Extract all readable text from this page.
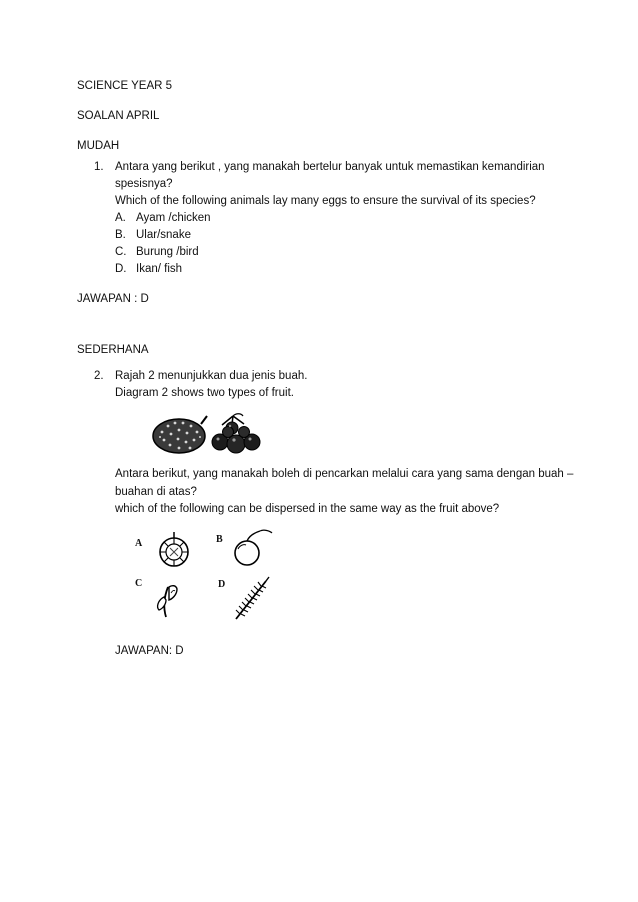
SCIENCE YEAR 5
SOALAN APRIL
MUDAH
1. Antara yang berikut , yang manakah bertelur banyak untuk memastikan kemandirian
spesisnya?
Which of the following animals lay many eggs to ensure the survival of its species?
A. Ayam /chicken
B. Ular/snake
C. Burung /bird
D. Ikan/ fish
JAWAPAN : D
SEDERHANA
2. Rajah 2 menunjukkan dua jenis buah.
Diagram 2 shows two types of fruit.
Antara berikut, yang manakah boleh di pencarkan melalui cara yang sama dengan buah –
buahan di atas?
which of the following can be dispersed in the same way as the fruit above?
A	B
C	D
JAWAPAN: D
